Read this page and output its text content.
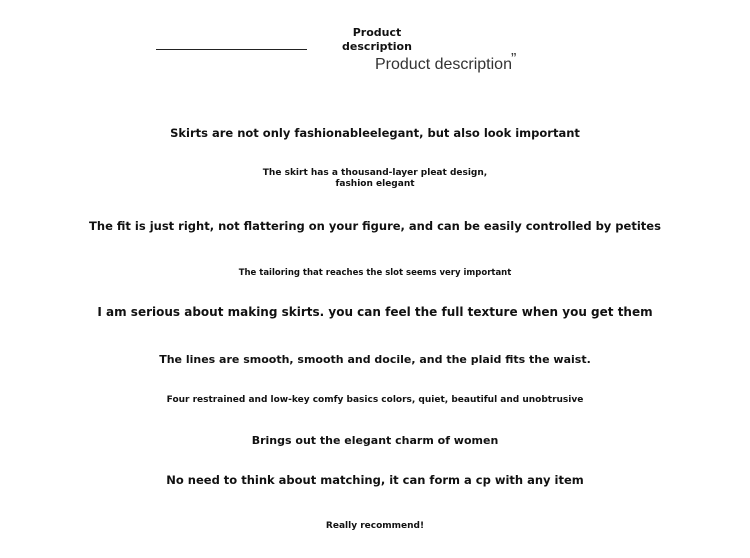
Product description
Product description ”
Skirts are not only fashionableelegant, but also look important
The skirt has a thousand-layer pleat design, fashion elegant
The fit is just right, not flattering on your figure, and can be easily controlled by petites
The tailoring that reaches the slot seems very important
I am serious about making skirts. you can feel the full texture when you get them
The lines are smooth, smooth and docile, and the plaid fits the waist.
Four restrained and low-key comfy basics colors, quiet, beautiful and unobtrusive
Brings out the elegant charm of women
No need to think about matching, it can form a cp with any item
Really recommend!
